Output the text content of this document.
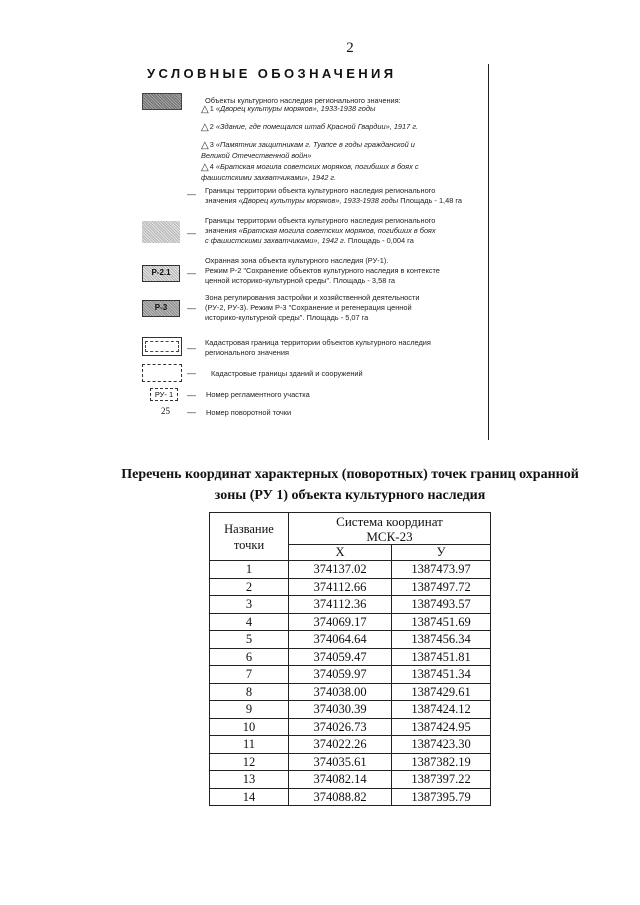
2
УСЛОВНЫЕ ОБОЗНАЧЕНИЯ
Объекты культурного наследия регионального значения:
△1 «Дворец культуры моряков», 1933-1938 годы
△2 «Здание, где помещался штаб Красной Гвардии», 1917 г.
△3 «Памятник защитникам г. Туапсе в годы гражданской и
Великой Отечественной войн»
△4 «Братская могила советских моряков, погибших в боях с
фашистскими захватчиками», 1942 г.
— Границы территории объекта культурного наследия регионального
значения «Дворец культуры моряков», 1933-1938 годы Площадь - 1,48 га
—
Границы территории объекта культурного наследия регионального
значения «Братская могила советских моряков, погибших в боях
с фашистскими захватчиками», 1942 г. Площадь - 0,004 га
Р-2.1	—
Охранная зона объекта культурного наследия (РУ-1).
Режим Р-2 "Сохранение объектов культурного наследия в контексте
ценной историко-культурной среды". Площадь - 3,58 га
Р-3	—
Зона регулирования застройки и хозяйственной деятельности
(РУ-2, РУ-3). Режим Р-3 "Сохранение и регенерация ценной
историко-культурной среды". Площадь - 5,07 га
—
Кадастровая граница территории объектов культурного наследия
регионального значения
— Кадастровые границы зданий и сооружений
РУ- 1	— Номер регламентного участка
25 — Номер поворотной точки
Перечень координат характерных (поворотных) точек границ охранной
зоны (РУ 1) объекта культурного наследия
Название точки	Система координат
МСК-23	
	X	У
1	374137.02	1387473.97
2	374112.66	1387497.72
3	374112.36	1387493.57
4	374069.17	1387451.69
5	374064.64	1387456.34
6	374059.47	1387451.81
7	374059.97	1387451.34
8	374038.00	1387429.61
9	374030.39	1387424.12
10	374026.73	1387424.95
11	374022.26	1387423.30
12	374035.61	1387382.19
13	374082.14	1387397.22
14	374088.82	1387395.79
